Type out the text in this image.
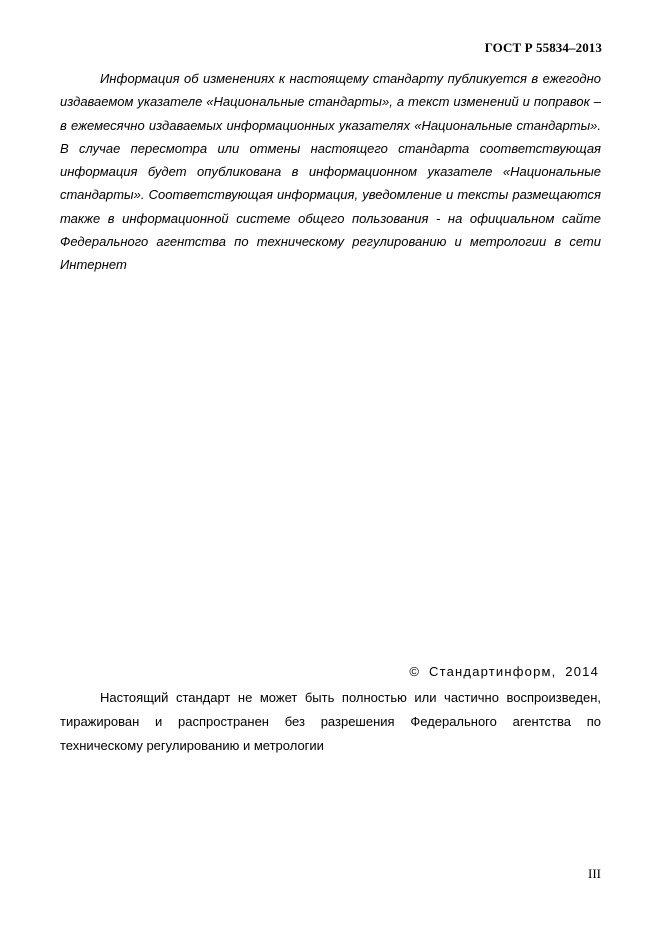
ГОСТ Р 55834–2013

Информация об изменениях к настоящему стандарту публикуется в ежегодно издаваемом указателе «Национальные стандарты», а текст изменений и поправок – в ежемесячно издаваемых информационных указателях «Национальные стандарты». В случае пересмотра или отмены настоящего стандарта соответствующая информация будет опубликована в информационном указателе «Национальные стандарты». Соответствующая информация, уведомление и тексты размещаются также в информационной системе общего пользования - на официальном сайте Федерального агентства по техническому регулированию и метрологии в сети Интернет

© Стандартинформ, 2014

Настоящий стандарт не может быть полностью или частично воспроизведен, тиражирован и распространен без разрешения Федерального агентства по техническому регулированию и метрологии

III
